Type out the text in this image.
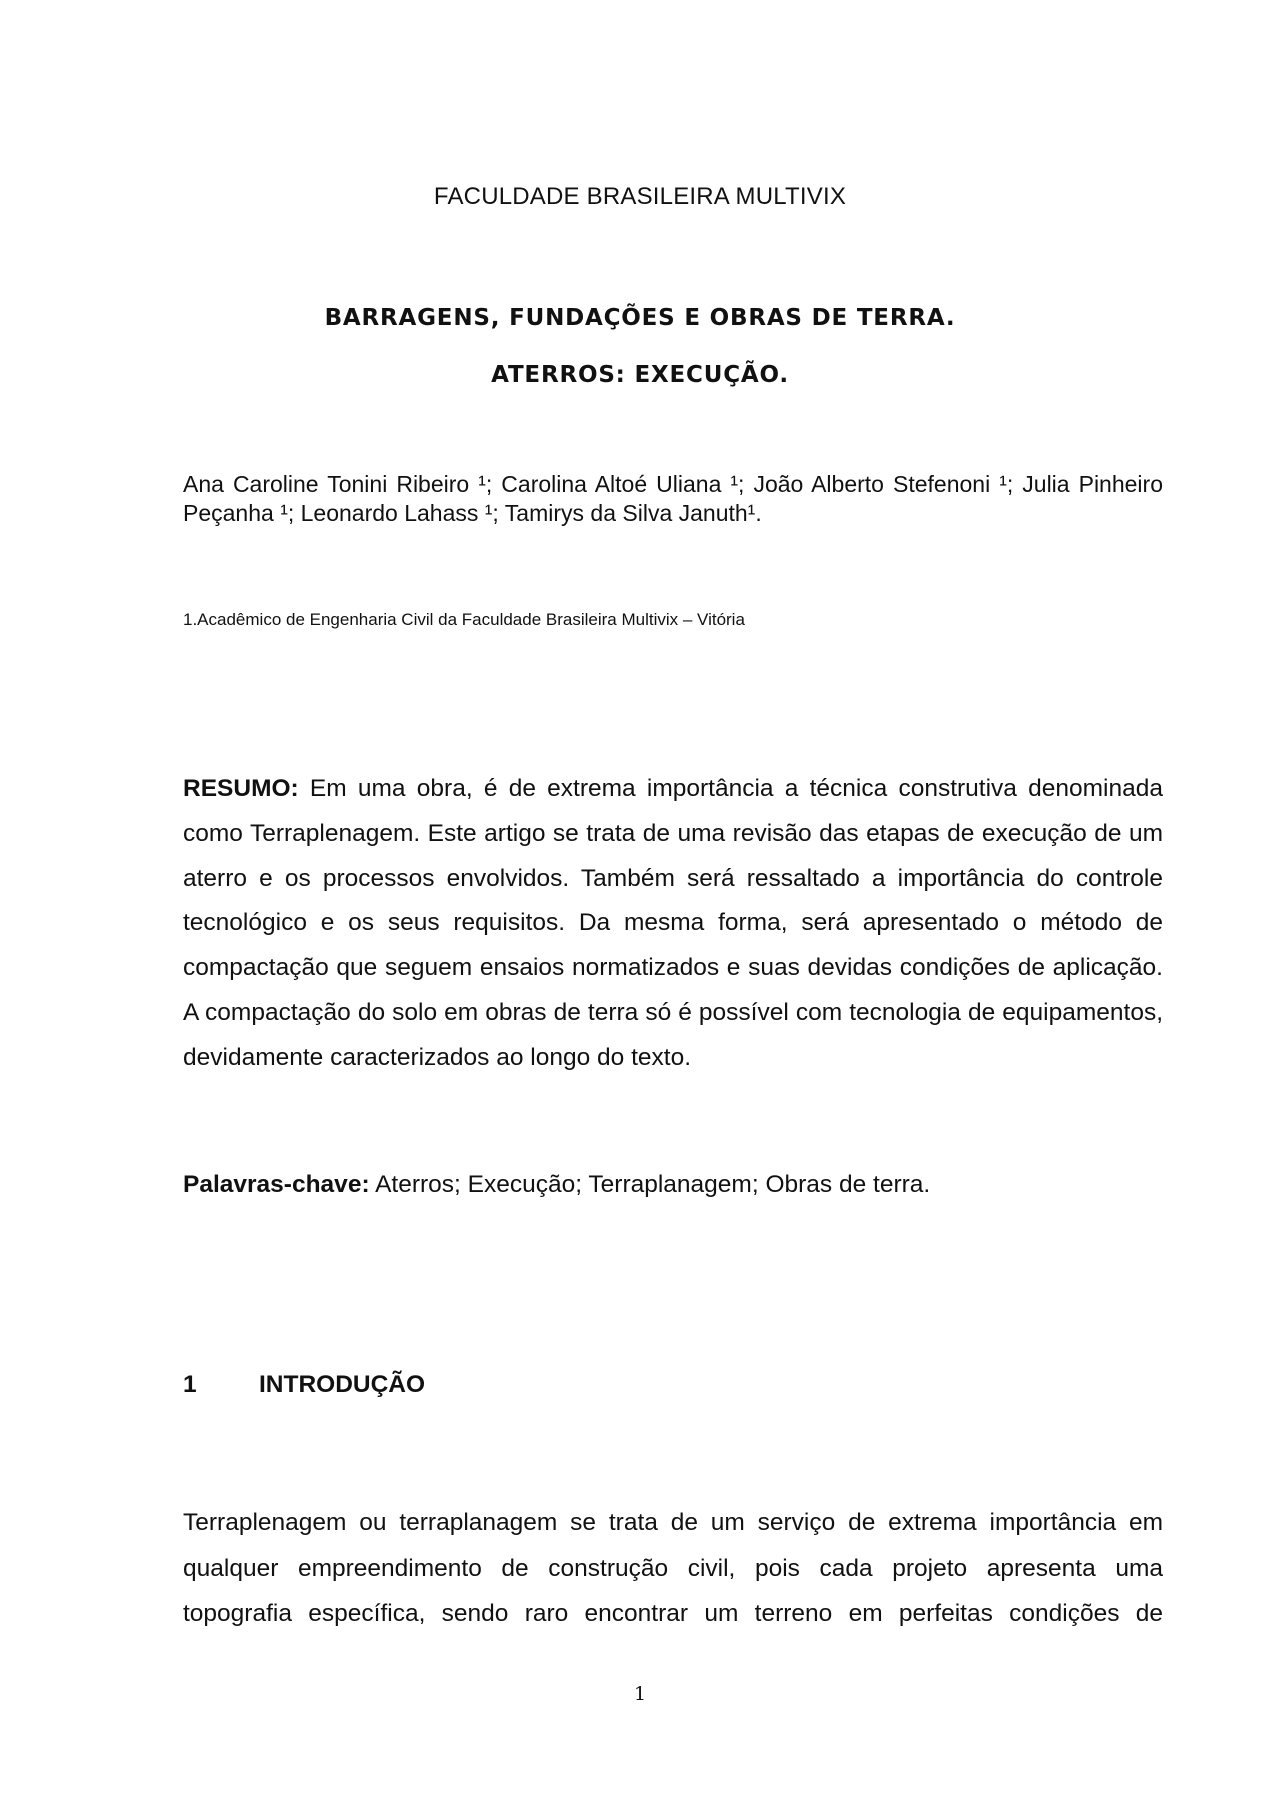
FACULDADE BRASILEIRA MULTIVIX
BARRAGENS, FUNDAÇÕES E OBRAS DE TERRA.
ATERROS: EXECUÇÃO.
Ana Caroline Tonini Ribeiro ¹; Carolina Altoé Uliana ¹; João Alberto Stefenoni ¹; Julia Pinheiro Peçanha ¹; Leonardo Lahass ¹; Tamirys da Silva Januth¹.
1.Acadêmico de Engenharia Civil da Faculdade Brasileira Multivix – Vitória
RESUMO: Em uma obra, é de extrema importância a técnica construtiva denominada como Terraplenagem. Este artigo se trata de uma revisão das etapas de execução de um aterro e os processos envolvidos. Também será ressaltado a importância do controle tecnológico e os seus requisitos. Da mesma forma, será apresentado o método de compactação que seguem ensaios normatizados e suas devidas condições de aplicação. A compactação do solo em obras de terra só é possível com tecnologia de equipamentos, devidamente caracterizados ao longo do texto.
Palavras-chave: Aterros; Execução; Terraplanagem; Obras de terra.
1	INTRODUÇÃO
Terraplenagem ou terraplanagem se trata de um serviço de extrema importância em qualquer empreendimento de construção civil, pois cada projeto apresenta uma topografia específica, sendo raro encontrar um terreno em perfeitas condições de
1
